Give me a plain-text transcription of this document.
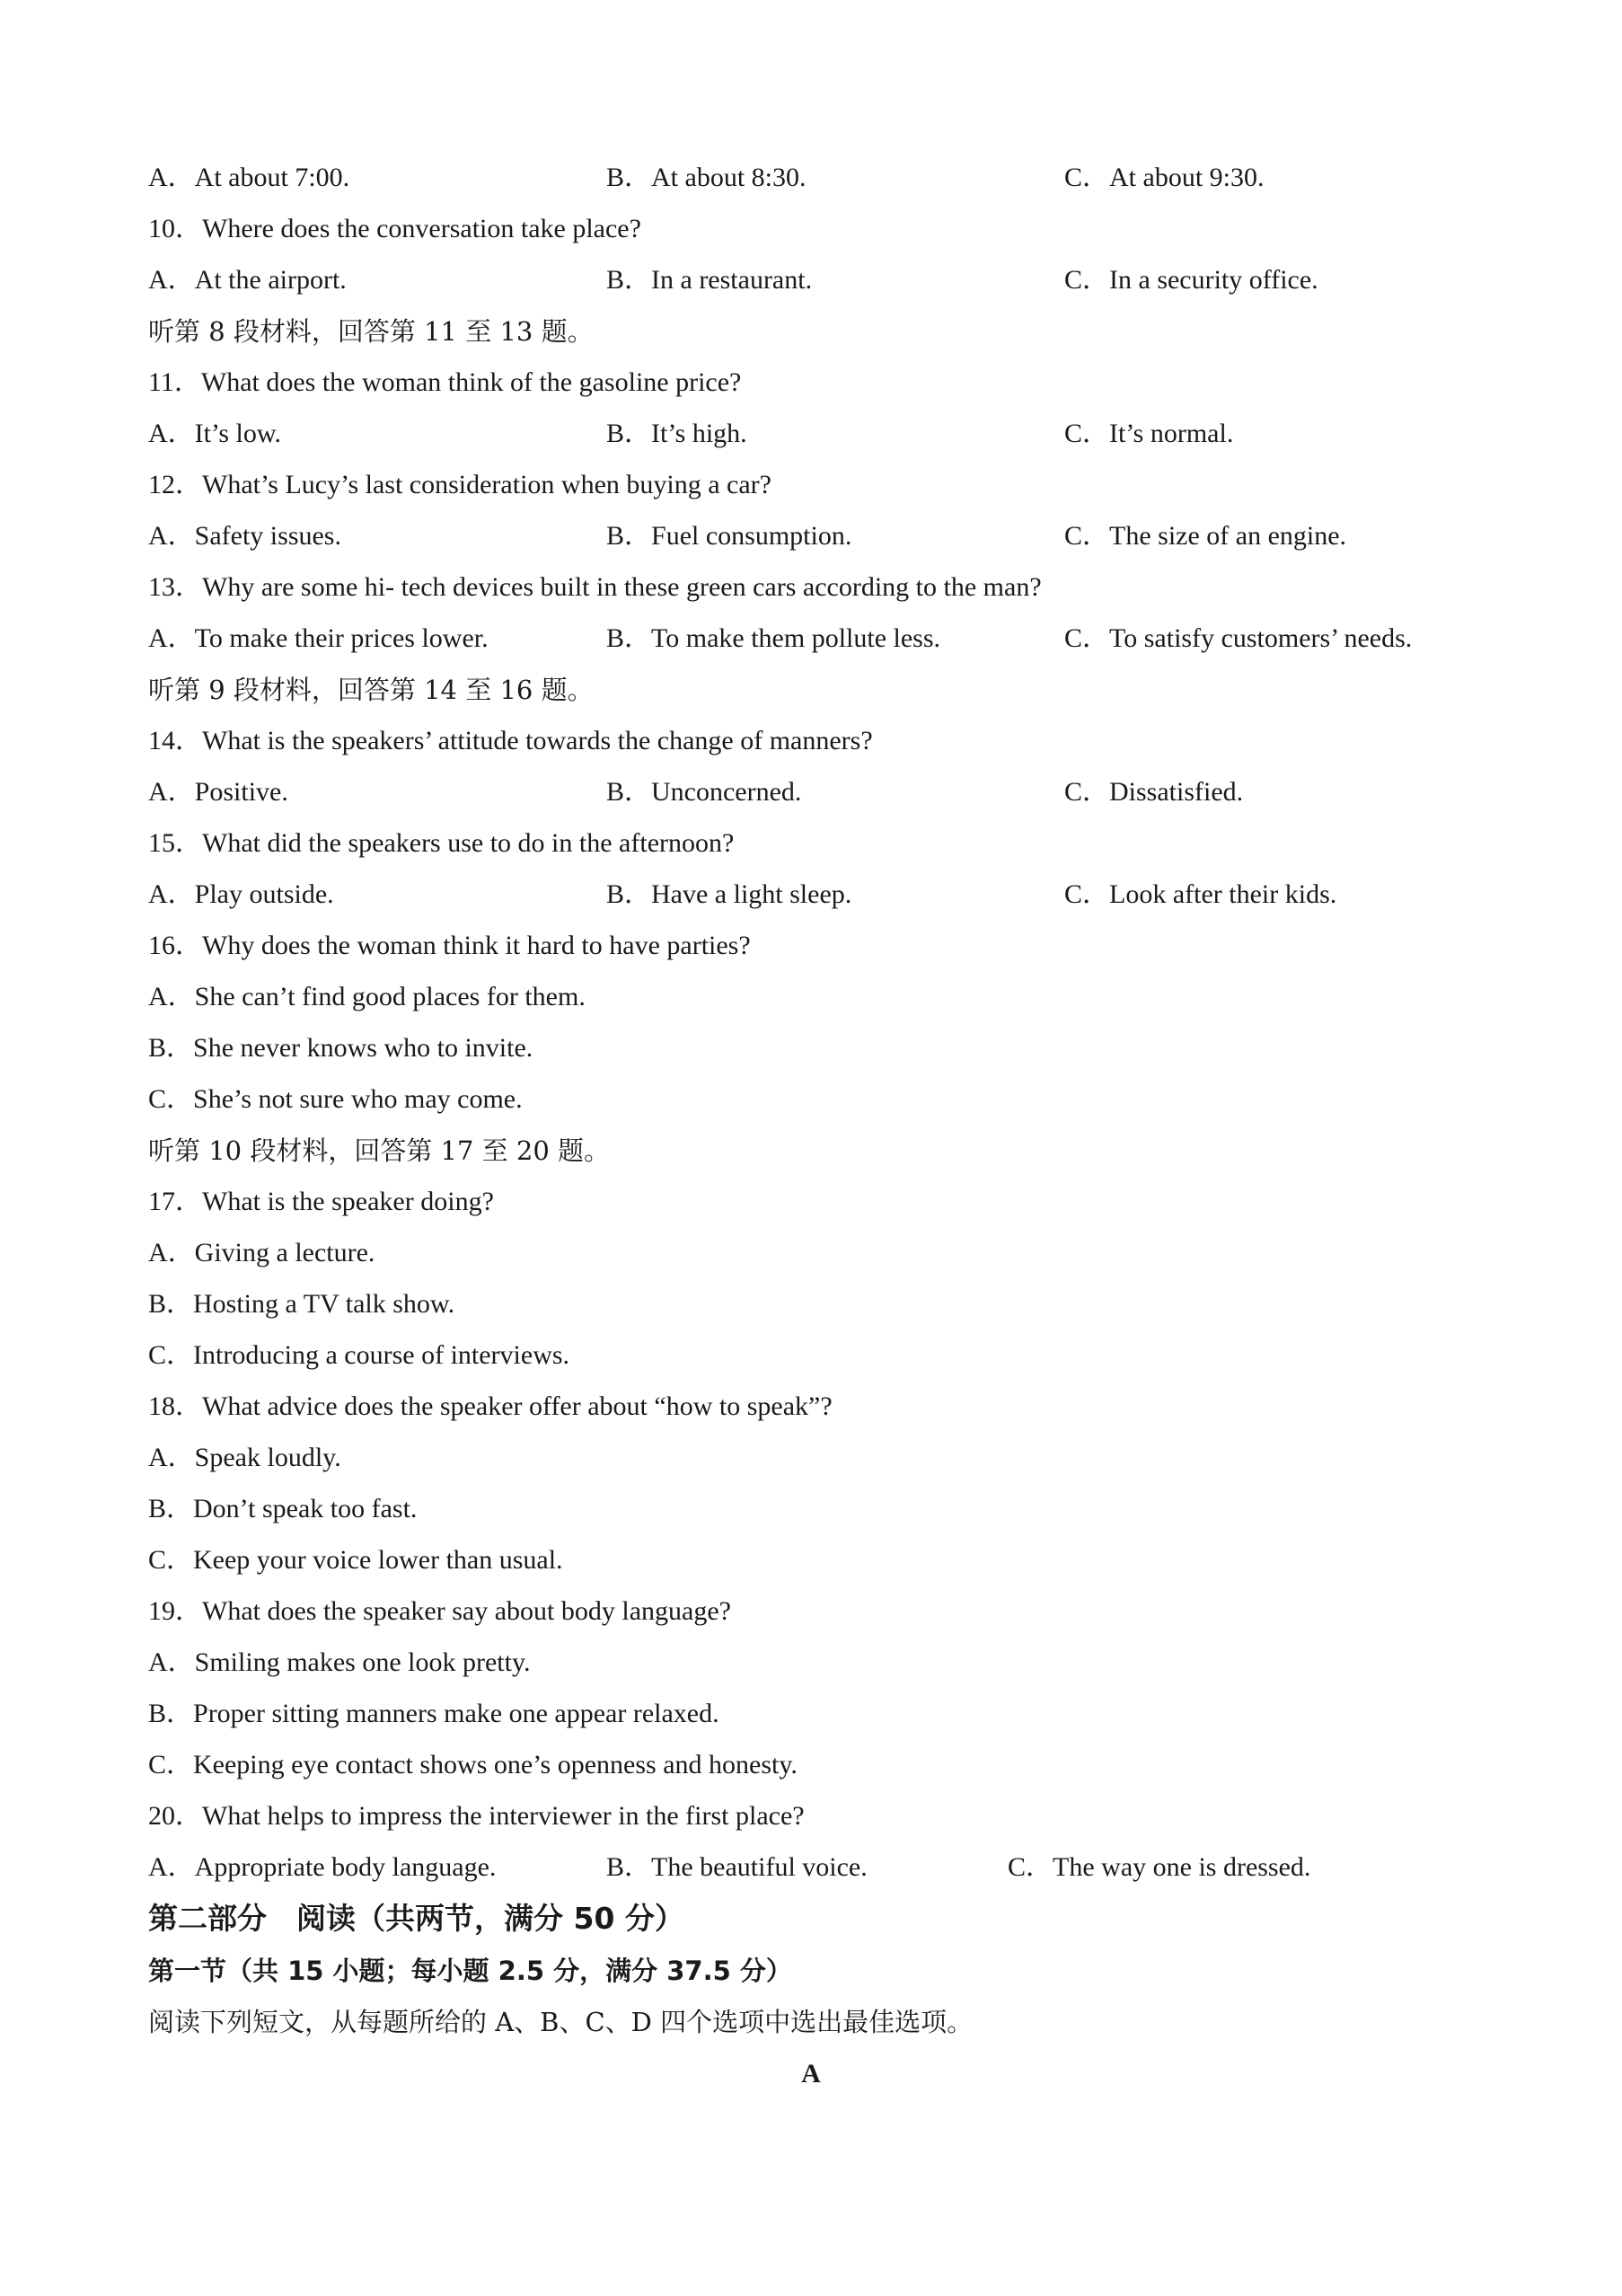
A．At about 7:00.	B．At about 8:30.	C．At about 9:30.
10．Where does the conversation take place?
A．At the airport.	B．In a restaurant.	C．In a security office.
听第 8 段材料，回答第 11 至 13 题。
11．What does the woman think of the gasoline price?
A．It’s low.	B．It’s high.	C．It’s normal.
12．What’s Lucy’s last consideration when buying a car?
A．Safety issues.	B．Fuel consumption.	C．The size of an engine.
13．Why are some hi- tech devices built in these green cars according to the man?
A．To make their prices lower.	B．To make them pollute less.	C．To satisfy customers’ needs.
听第 9 段材料，回答第 14 至 16 题。
14．What is the speakers’ attitude towards the change of manners?
A．Positive.	B．Unconcerned.	C．Dissatisfied.
15．What did the speakers use to do in the afternoon?
A．Play outside.	B．Have a light sleep.	C．Look after their kids.
16．Why does the woman think it hard to have parties?
A．She can’t find good places for them.
B．She never knows who to invite.
C．She’s not sure who may come.
听第 10 段材料，回答第 17 至 20 题。
17．What is the speaker doing?
A．Giving a lecture.
B．Hosting a TV talk show.
C．Introducing a course of interviews.
18．What advice does the speaker offer about “how to speak”?
A．Speak loudly.
B．Don’t speak too fast.
C．Keep your voice lower than usual.
19．What does the speaker say about body language?
A．Smiling makes one look pretty.
B．Proper sitting manners make one appear relaxed.
C．Keeping eye contact shows one’s openness and honesty.
20．What helps to impress the interviewer in the first place?
A．Appropriate body language.	B．The beautiful voice.	C．The way one is dressed.
第二部分　阅读（共两节，满分 50 分）
第一节（共 15 小题；每小题 2.5 分，满分 37.5 分）
阅读下列短文，从每题所给的 A、B、C、D 四个选项中选出最佳选项。
A
